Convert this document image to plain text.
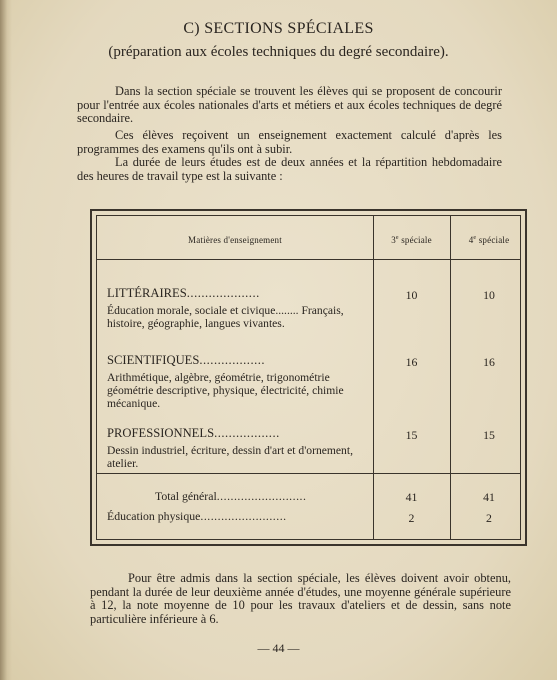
C) SECTIONS SPÉCIALES

(préparation aux écoles techniques du degré secondaire).

Dans la section spéciale se trouvent les élèves qui se proposent de concourir pour l'entrée aux écoles nationales d'arts et métiers et aux écoles techniques de degré secondaire.

Ces élèves reçoivent un enseignement exactement calculé d'après les programmes des examens qu'ils ont à subir.

La durée de leurs études est de deux années et la répartition hebdomadaire des heures de travail type est la suivante :

Matières d'enseignement	3e spéciale	4e spéciale
LITTÉRAIRES....................
Éducation morale, sociale et civique........ Français, histoire, géographie, langues vivantes.
10	10
SCIENTIFIQUES..................
Arithmétique, algèbre, géométrie, trigonométrie géométrie descriptive, physique, électricité, chimie mécanique.
16	16
PROFESSIONNELS..................
Dessin industriel, écriture, dessin d'art et d'ornement, atelier.
15	15
Total général..........................	41	41
Éducation physique.........................	2	2

Pour être admis dans la section spéciale, les élèves doivent avoir obtenu, pendant la durée de leur deuxième année d'études, une moyenne générale supérieure à 12, la note moyenne de 10 pour les travaux d'ateliers et de dessin, sans note particulière inférieure à 6.

— 44 —
